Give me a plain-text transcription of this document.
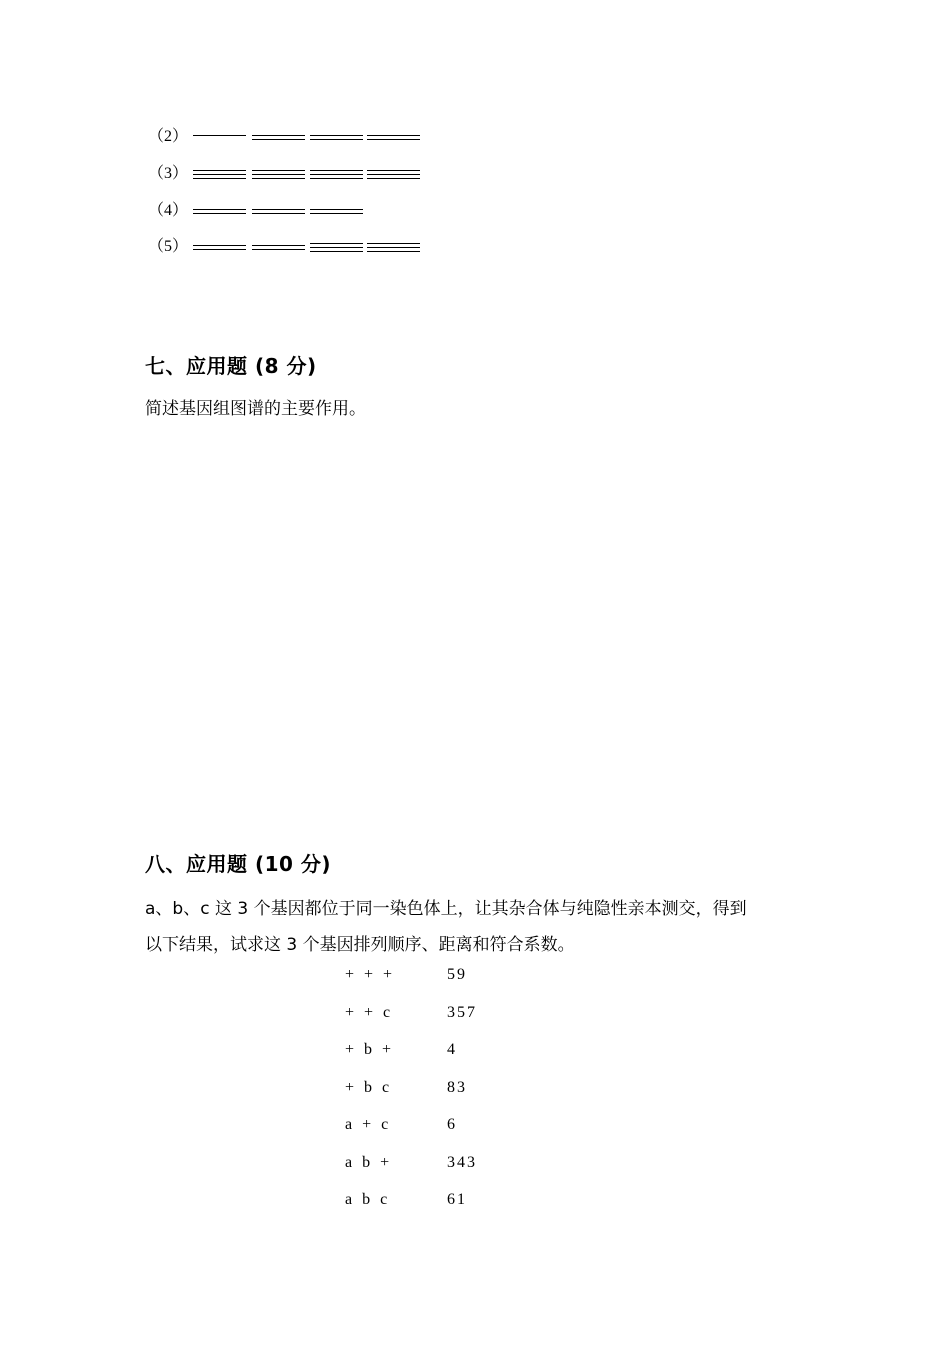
（2）
（3）
（4）
（5）
七、应用题 (8 分)
简述基因组图谱的主要作用。
八、应用题 (10 分)
a、b、c 这 3 个基因都位于同一染色体上，让其杂合体与纯隐性亲本测交，得到
以下结果，试求这 3 个基因排列顺序、距离和符合系数。
+ + +	59
+ + c	357
+ b +	4
+ b c	83
a + c	6
a b +	343
a b c	61
